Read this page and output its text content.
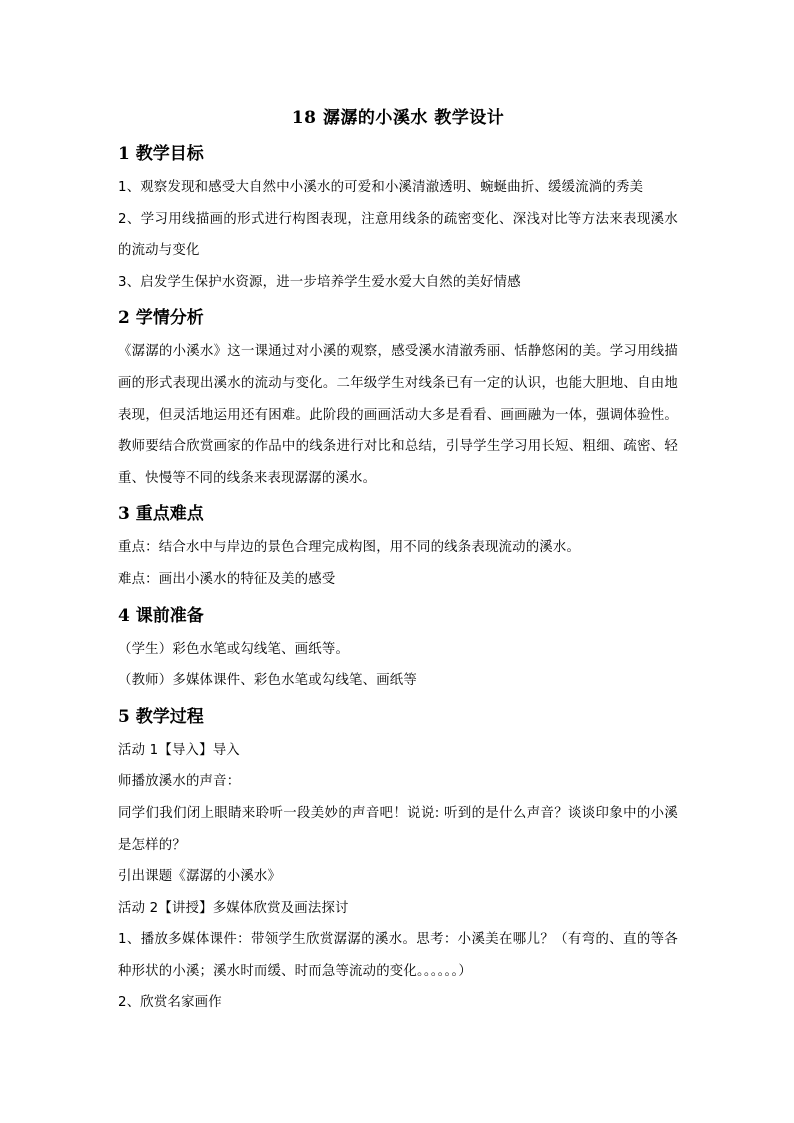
18 潺潺的小溪水 教学设计
1 教学目标

1、观察发现和感受大自然中小溪水的可爱和小溪清澈透明、蜿蜒曲折、缓缓流淌的秀美

2、学习用线描画的形式进行构图表现，注意用线条的疏密变化、深浅对比等方法来表现溪水的流动与变化

3、启发学生保护水资源，进一步培养学生爱水爱大自然的美好情感

2 学情分析

《潺潺的小溪水》这一课通过对小溪的观察，感受溪水清澈秀丽、恬静悠闲的美。学习用线描画的形式表现出溪水的流动与变化。二年级学生对线条已有一定的认识，也能大胆地、自由地表现，但灵活地运用还有困难。此阶段的画画活动大多是看看、画画融为一体，强调体验性。教师要结合欣赏画家的作品中的线条进行对比和总结，引导学生学习用长短、粗细、疏密、轻重、快慢等不同的线条来表现潺潺的溪水。

3 重点难点

重点：结合水中与岸边的景色合理完成构图，用不同的线条表现流动的溪水。

难点：画出小溪水的特征及美的感受

4 课前准备

（学生）彩色水笔或勾线笔、画纸等。

（教师）多媒体课件、彩色水笔或勾线笔、画纸等

5 教学过程

活动 1【导入】导入

师播放溪水的声音：

同学们我们闭上眼睛来聆听一段美妙的声音吧！说说: 听到的是什么声音？谈谈印象中的小溪是怎样的？

引出课题《潺潺的小溪水》

活动 2【讲授】多媒体欣赏及画法探讨

1、播放多媒体课件：带领学生欣赏潺潺的溪水。思考：小溪美在哪儿？（有弯的、直的等各种形状的小溪；溪水时而缓、时而急等流动的变化。。。。。。）

2、欣赏名家画作
